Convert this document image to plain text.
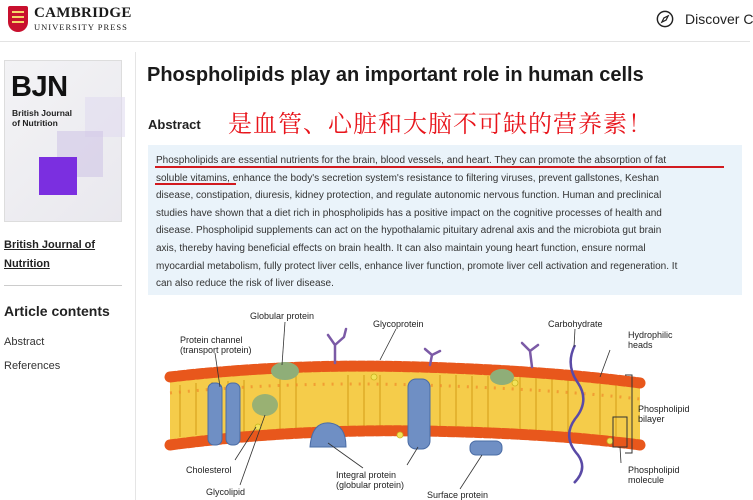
CAMBRIDGE
UNIVERSITY PRESS
Discover C
BJN
British Journal of Nutrition
British Journal of Nutrition
Article contents
Abstract
References
Phospholipids play an important role in human cells
Abstract 是血管、心脏和大脑不可缺的营养素！
Phospholipids are essential nutrients for the brain, blood vessels, and heart. They can promote the absorption of fat
soluble vitamins, enhance the body's secretion system's resistance to filtering viruses, prevent gallstones, Keshan
disease, constipation, diuresis, kidney protection, and regulate autonomic nervous function. Human and preclinical
studies have shown that a diet rich in phospholipids has a positive impact on the cognitive processes of health and
disease. Phospholipid supplements can act on the hypothalamic pituitary adrenal axis and the microbiota gut brain
axis, thereby having beneficial effects on brain health. It can also maintain young heart function, ensure normal
myocardial metabolism, fully protect liver cells, enhance liver function, promote liver cell activation and regeneration. It
can also reduce the risk of liver disease.
Protein channel
(transport protein)
Globular protein
Glycoprotein	Carbohydrate
Hydrophilic
heads
Phospholipid
bilayer
Cholesterol	Integral protein
(globular protein)
Glycolipid	Surface protein
Phospholipid
molecule
